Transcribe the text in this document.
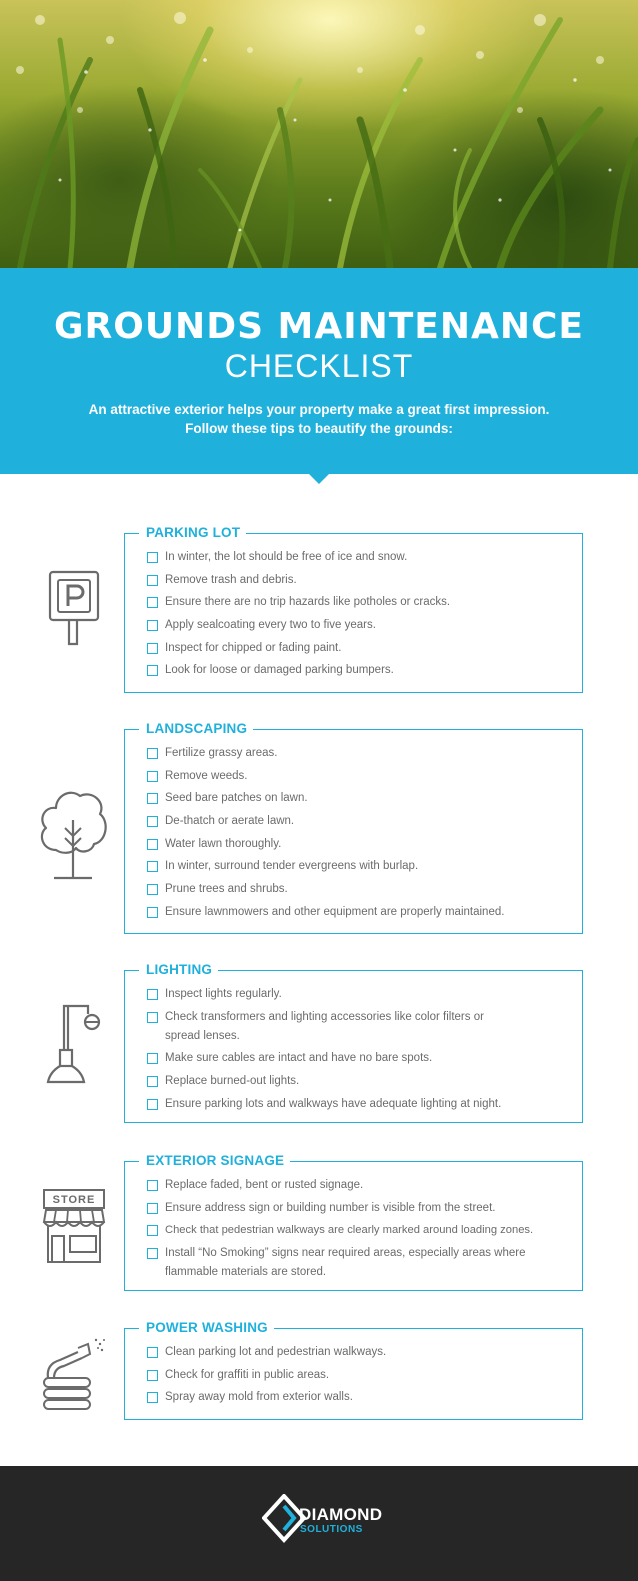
GROUNDS MAINTENANCE
CHECKLIST
An attractive exterior helps your property make a great first impression.
Follow these tips to beautify the grounds:
PARKING LOT
In winter, the lot should be free of ice and snow.
Remove trash and debris.
Ensure there are no trip hazards like potholes or cracks.
Apply sealcoating every two to five years.
Inspect for chipped or fading paint.
Look for loose or damaged parking bumpers.
LANDSCAPING
Fertilize grassy areas.
Remove weeds.
Seed bare patches on lawn.
De-thatch or aerate lawn.
Water lawn thoroughly.
In winter, surround tender evergreens with burlap.
Prune trees and shrubs.
Ensure lawnmowers and other equipment are properly maintained.
LIGHTING
Inspect lights regularly.
Check transformers and lighting accessories like color filters or spread lenses.
Make sure cables are intact and have no bare spots.
Replace burned-out lights.
Ensure parking lots and walkways have adequate lighting at night.
STORE
EXTERIOR SIGNAGE
Replace faded, bent or rusted signage.
Ensure address sign or building number is visible from the street.
Check that pedestrian walkways are clearly marked around loading zones.
Install “No Smoking” signs near required areas, especially areas where flammable materials are stored.
POWER WASHING
Clean parking lot and pedestrian walkways.
Check for graffiti in public areas.
Spray away mold from exterior walls.
DIAMOND
SOLUTIONS
